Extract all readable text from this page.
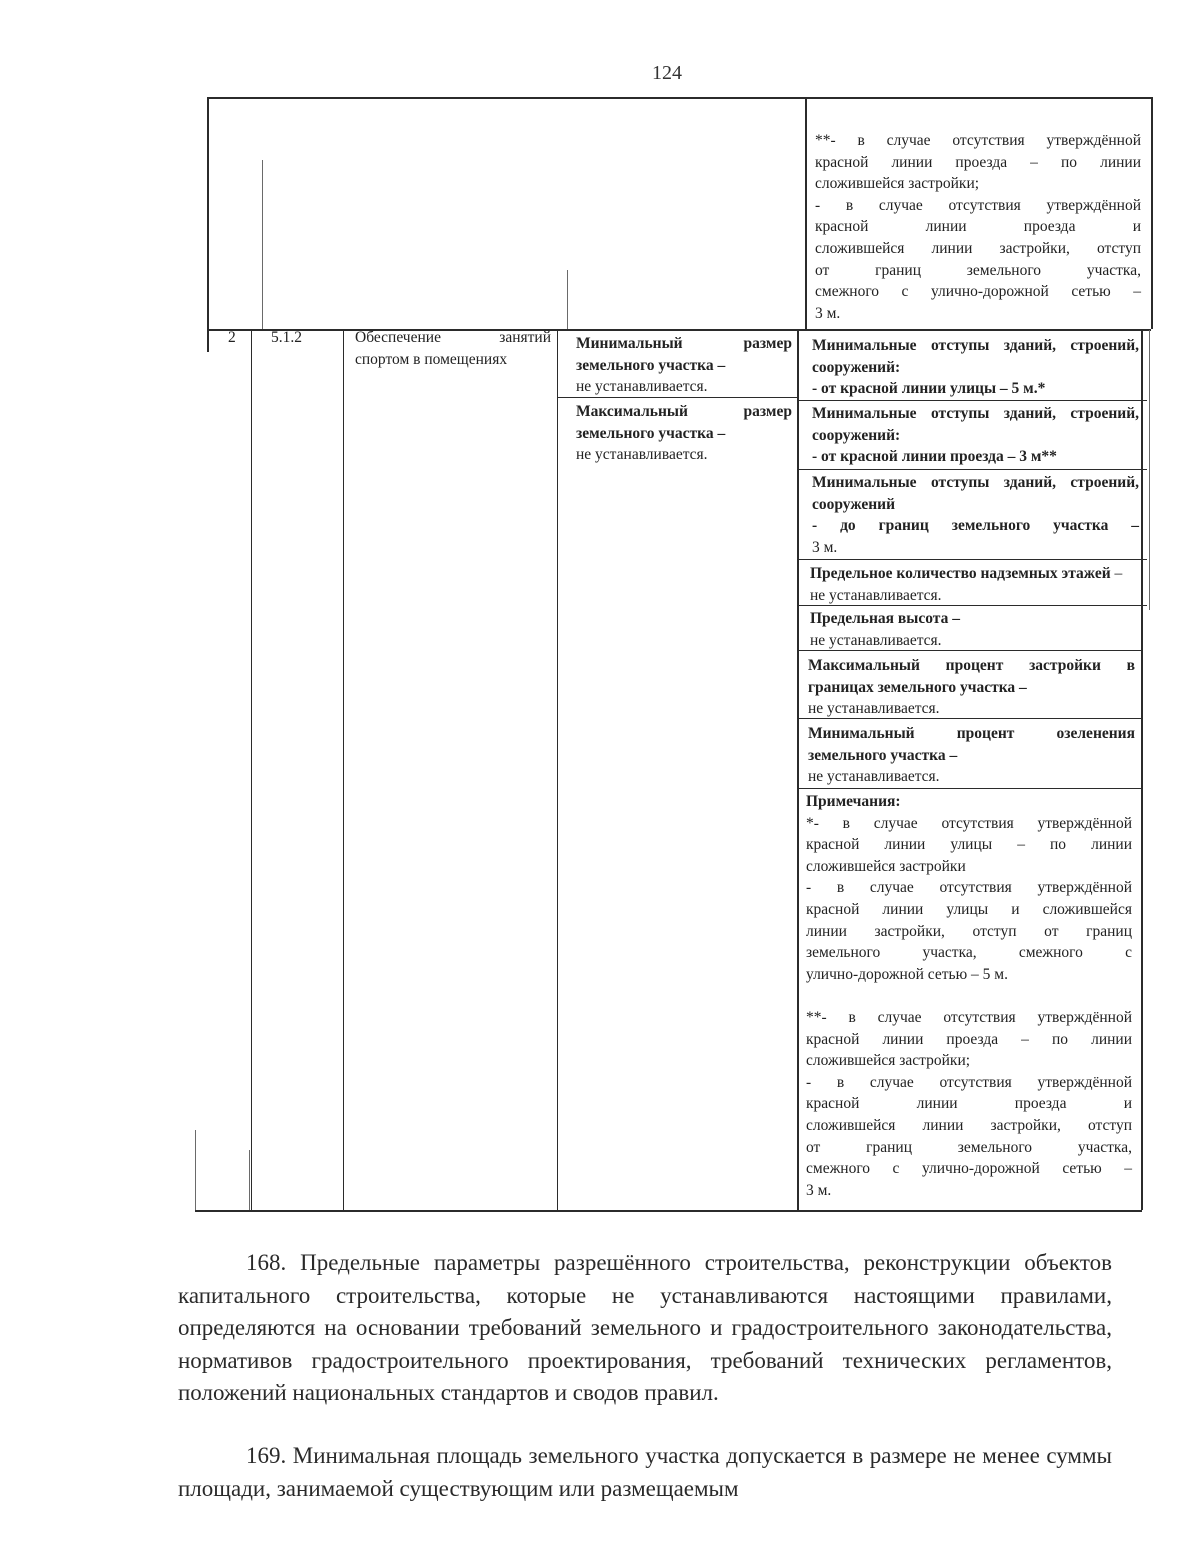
124
**- в случае отсутствия утверждённой
красной линии проезда – по линии
сложившейся застройки;
- в случае отсутствия утверждённой
красной линии проезда и
сложившейся линии застройки, отступ
от границ земельного участка,
смежного с улично-дорожной сетью –
3 м.
2 5.1.2	Обеспечение занятий спортом в помещениях
Минимальный размер земельного участка –
не устанавливается.
Максимальный размер земельного участка –
не устанавливается.
Минимальные отступы зданий, строений, сооружений:
- от красной линии улицы – 5 м.*
Минимальные отступы зданий, строений, сооружений:
- от красной линии проезда – 3 м**
Минимальные отступы зданий, строений, сооружений
- до границ земельного участка –
3 м.
Предельное количество надземных этажей – не устанавливается.
Предельная высота –
не устанавливается.
Максимальный процент застройки в границах земельного участка –
не устанавливается.
Минимальный процент озеленения земельного участка –
не устанавливается.
Примечания:
*- в случае отсутствия утверждённой
красной линии улицы – по линии
сложившейся застройки
- в случае отсутствия утверждённой
красной линии улицы и сложившейся
линии застройки, отступ от границ
земельного участка, смежного с
улично-дорожной сетью – 5 м.
**- в случае отсутствия утверждённой
красной линии проезда – по линии
сложившейся застройки;
- в случае отсутствия утверждённой
красной линии проезда и
сложившейся линии застройки, отступ
от границ земельного участка,
смежного с улично-дорожной сетью –
3 м.
168. Предельные параметры разрешённого строительства, реконструкции объектов капитального строительства, которые не устанавливаются настоящими правилами, определяются на основании требований земельного и градостроительного законодательства, нормативов градостроительного проектирования, требований технических регламентов, положений национальных стандартов и сводов правил.
169. Минимальная площадь земельного участка допускается в размере не менее суммы площади, занимаемой существующим или размещаемым
